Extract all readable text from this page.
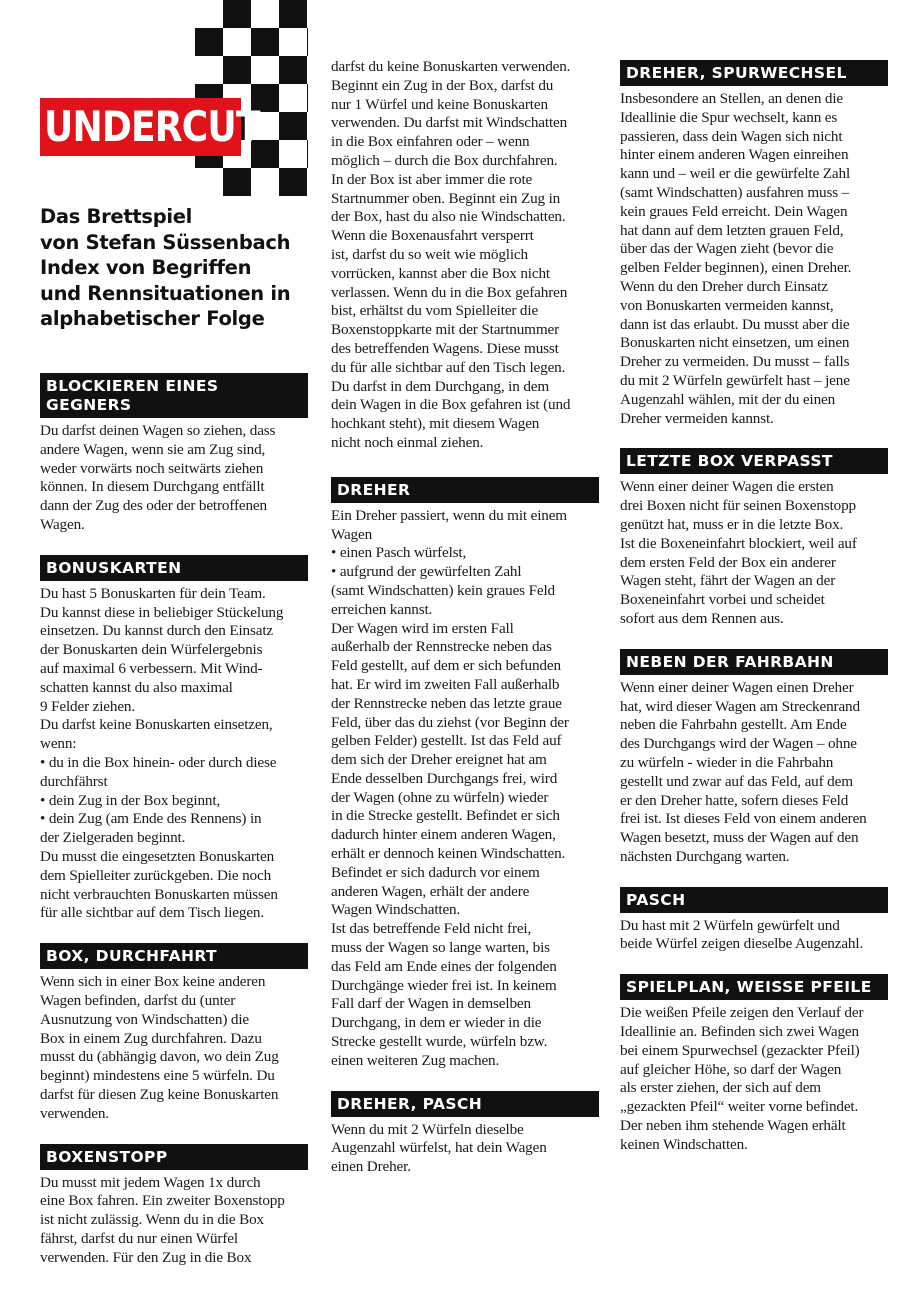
UNDERCUT
Das Brettspiel
von Stefan Süssenbach
Index von Begriffen
und Rennsituationen in
alphabetischer Folge
BLOCKIEREN EINES
GEGNERS

Du darfst deinen Wagen so ziehen, dass
andere Wagen, wenn sie am Zug sind,
weder vorwärts noch seitwärts ziehen
können. In diesem Durchgang entfällt
dann der Zug des oder der betroffenen
Wagen.

BONUSKARTEN

Du hast 5 Bonuskarten für dein Team.
Du kannst diese in beliebiger Stückelung
einsetzen. Du kannst durch den Einsatz
der Bonuskarten dein Würfelergebnis
auf maximal 6 verbessern. Mit Wind-
schatten kannst du also maximal
9 Felder ziehen.
Du darfst keine Bonuskarten einsetzen,
wenn:
• du in die Box hinein- oder durch diese
durchfährst
• dein Zug in der Box beginnt,
• dein Zug (am Ende des Rennens) in
der Zielgeraden beginnt.
Du musst die eingesetzten Bonuskarten
dem Spielleiter zurückgeben. Die noch
nicht verbrauchten Bonuskarten müssen
für alle sichtbar auf dem Tisch liegen.

BOX, DURCHFAHRT

Wenn sich in einer Box keine anderen
Wagen befinden, darfst du (unter
Ausnutzung von Windschatten) die
Box in einem Zug durchfahren. Dazu
musst du (abhängig davon, wo dein Zug
beginnt) mindestens eine 5 würfeln. Du
darfst für diesen Zug keine Bonuskarten
verwenden.

BOXENSTOPP

Du musst mit jedem Wagen 1x durch
eine Box fahren. Ein zweiter Boxenstopp
ist nicht zulässig. Wenn du in die Box
fährst, darfst du nur einen Würfel
verwenden. Für den Zug in die Box

darfst du keine Bonuskarten verwenden.
Beginnt ein Zug in der Box, darfst du
nur 1 Würfel und keine Bonuskarten
verwenden. Du darfst mit Windschatten
in die Box einfahren oder – wenn
möglich – durch die Box durchfahren.
In der Box ist aber immer die rote
Startnummer oben. Beginnt ein Zug in
der Box, hast du also nie Windschatten.
Wenn die Boxenausfahrt versperrt
ist, darfst du so weit wie möglich
vorrücken, kannst aber die Box nicht
verlassen. Wenn du in die Box gefahren
bist, erhältst du vom Spielleiter die
Boxenstoppkarte mit der Startnummer
des betreffenden Wagens. Diese musst
du für alle sichtbar auf den Tisch legen.
Du darfst in dem Durchgang, in dem
dein Wagen in die Box gefahren ist (und
hochkant steht), mit diesem Wagen
nicht noch einmal ziehen.

DREHER

Ein Dreher passiert, wenn du mit einem
Wagen
• einen Pasch würfelst,
• aufgrund der gewürfelten Zahl
(samt Windschatten) kein graues Feld
erreichen kannst.
Der Wagen wird im ersten Fall
außerhalb der Rennstrecke neben das
Feld gestellt, auf dem er sich befunden
hat. Er wird im zweiten Fall außerhalb
der Rennstrecke neben das letzte graue
Feld, über das du ziehst (vor Beginn der
gelben Felder) gestellt. Ist das Feld auf
dem sich der Dreher ereignet hat am
Ende desselben Durchgangs frei, wird
der Wagen (ohne zu würfeln) wieder
in die Strecke gestellt. Befindet er sich
dadurch hinter einem anderen Wagen,
erhält er dennoch keinen Windschatten.
Befindet er sich dadurch vor einem
anderen Wagen, erhält der andere
Wagen Windschatten.
Ist das betreffende Feld nicht frei,
muss der Wagen so lange warten, bis
das Feld am Ende eines der folgenden
Durchgänge wieder frei ist. In keinem
Fall darf der Wagen in demselben
Durchgang, in dem er wieder in die
Strecke gestellt wurde, würfeln bzw.
einen weiteren Zug machen.

DREHER, PASCH

Wenn du mit 2 Würfeln dieselbe
Augenzahl würfelst, hat dein Wagen
einen Dreher.

DREHER, SPURWECHSEL

Insbesondere an Stellen, an denen die
Ideallinie die Spur wechselt, kann es
passieren, dass dein Wagen sich nicht
hinter einem anderen Wagen einreihen
kann und – weil er die gewürfelte Zahl
(samt Windschatten) ausfahren muss –
kein graues Feld erreicht. Dein Wagen
hat dann auf dem letzten grauen Feld,
über das der Wagen zieht (bevor die
gelben Felder beginnen), einen Dreher.
Wenn du den Dreher durch Einsatz
von Bonuskarten vermeiden kannst,
dann ist das erlaubt. Du musst aber die
Bonuskarten nicht einsetzen, um einen
Dreher zu vermeiden. Du musst – falls
du mit 2 Würfeln gewürfelt hast – jene
Augenzahl wählen, mit der du einen
Dreher vermeiden kannst.

LETZTE BOX VERPASST

Wenn einer deiner Wagen die ersten
drei Boxen nicht für seinen Boxenstopp
genützt hat, muss er in die letzte Box.
Ist die Boxeneinfahrt blockiert, weil auf
dem ersten Feld der Box ein anderer
Wagen steht, fährt der Wagen an der
Boxeneinfahrt vorbei und scheidet
sofort aus dem Rennen aus.

NEBEN DER FAHRBAHN

Wenn einer deiner Wagen einen Dreher
hat, wird dieser Wagen am Streckenrand
neben die Fahrbahn gestellt. Am Ende
des Durchgangs wird der Wagen – ohne
zu würfeln - wieder in die Fahrbahn
gestellt und zwar auf das Feld, auf dem
er den Dreher hatte, sofern dieses Feld
frei ist. Ist dieses Feld von einem anderen
Wagen besetzt, muss der Wagen auf den
nächsten Durchgang warten.

PASCH

Du hast mit 2 Würfeln gewürfelt und
beide Würfel zeigen dieselbe Augenzahl.

SPIELPLAN, WEISSE PFEILE

Die weißen Pfeile zeigen den Verlauf der
Ideallinie an. Befinden sich zwei Wagen
bei einem Spurwechsel (gezackter Pfeil)
auf gleicher Höhe, so darf der Wagen
als erster ziehen, der sich auf dem
„gezackten Pfeil“ weiter vorne befindet.
Der neben ihm stehende Wagen erhält
keinen Windschatten.
